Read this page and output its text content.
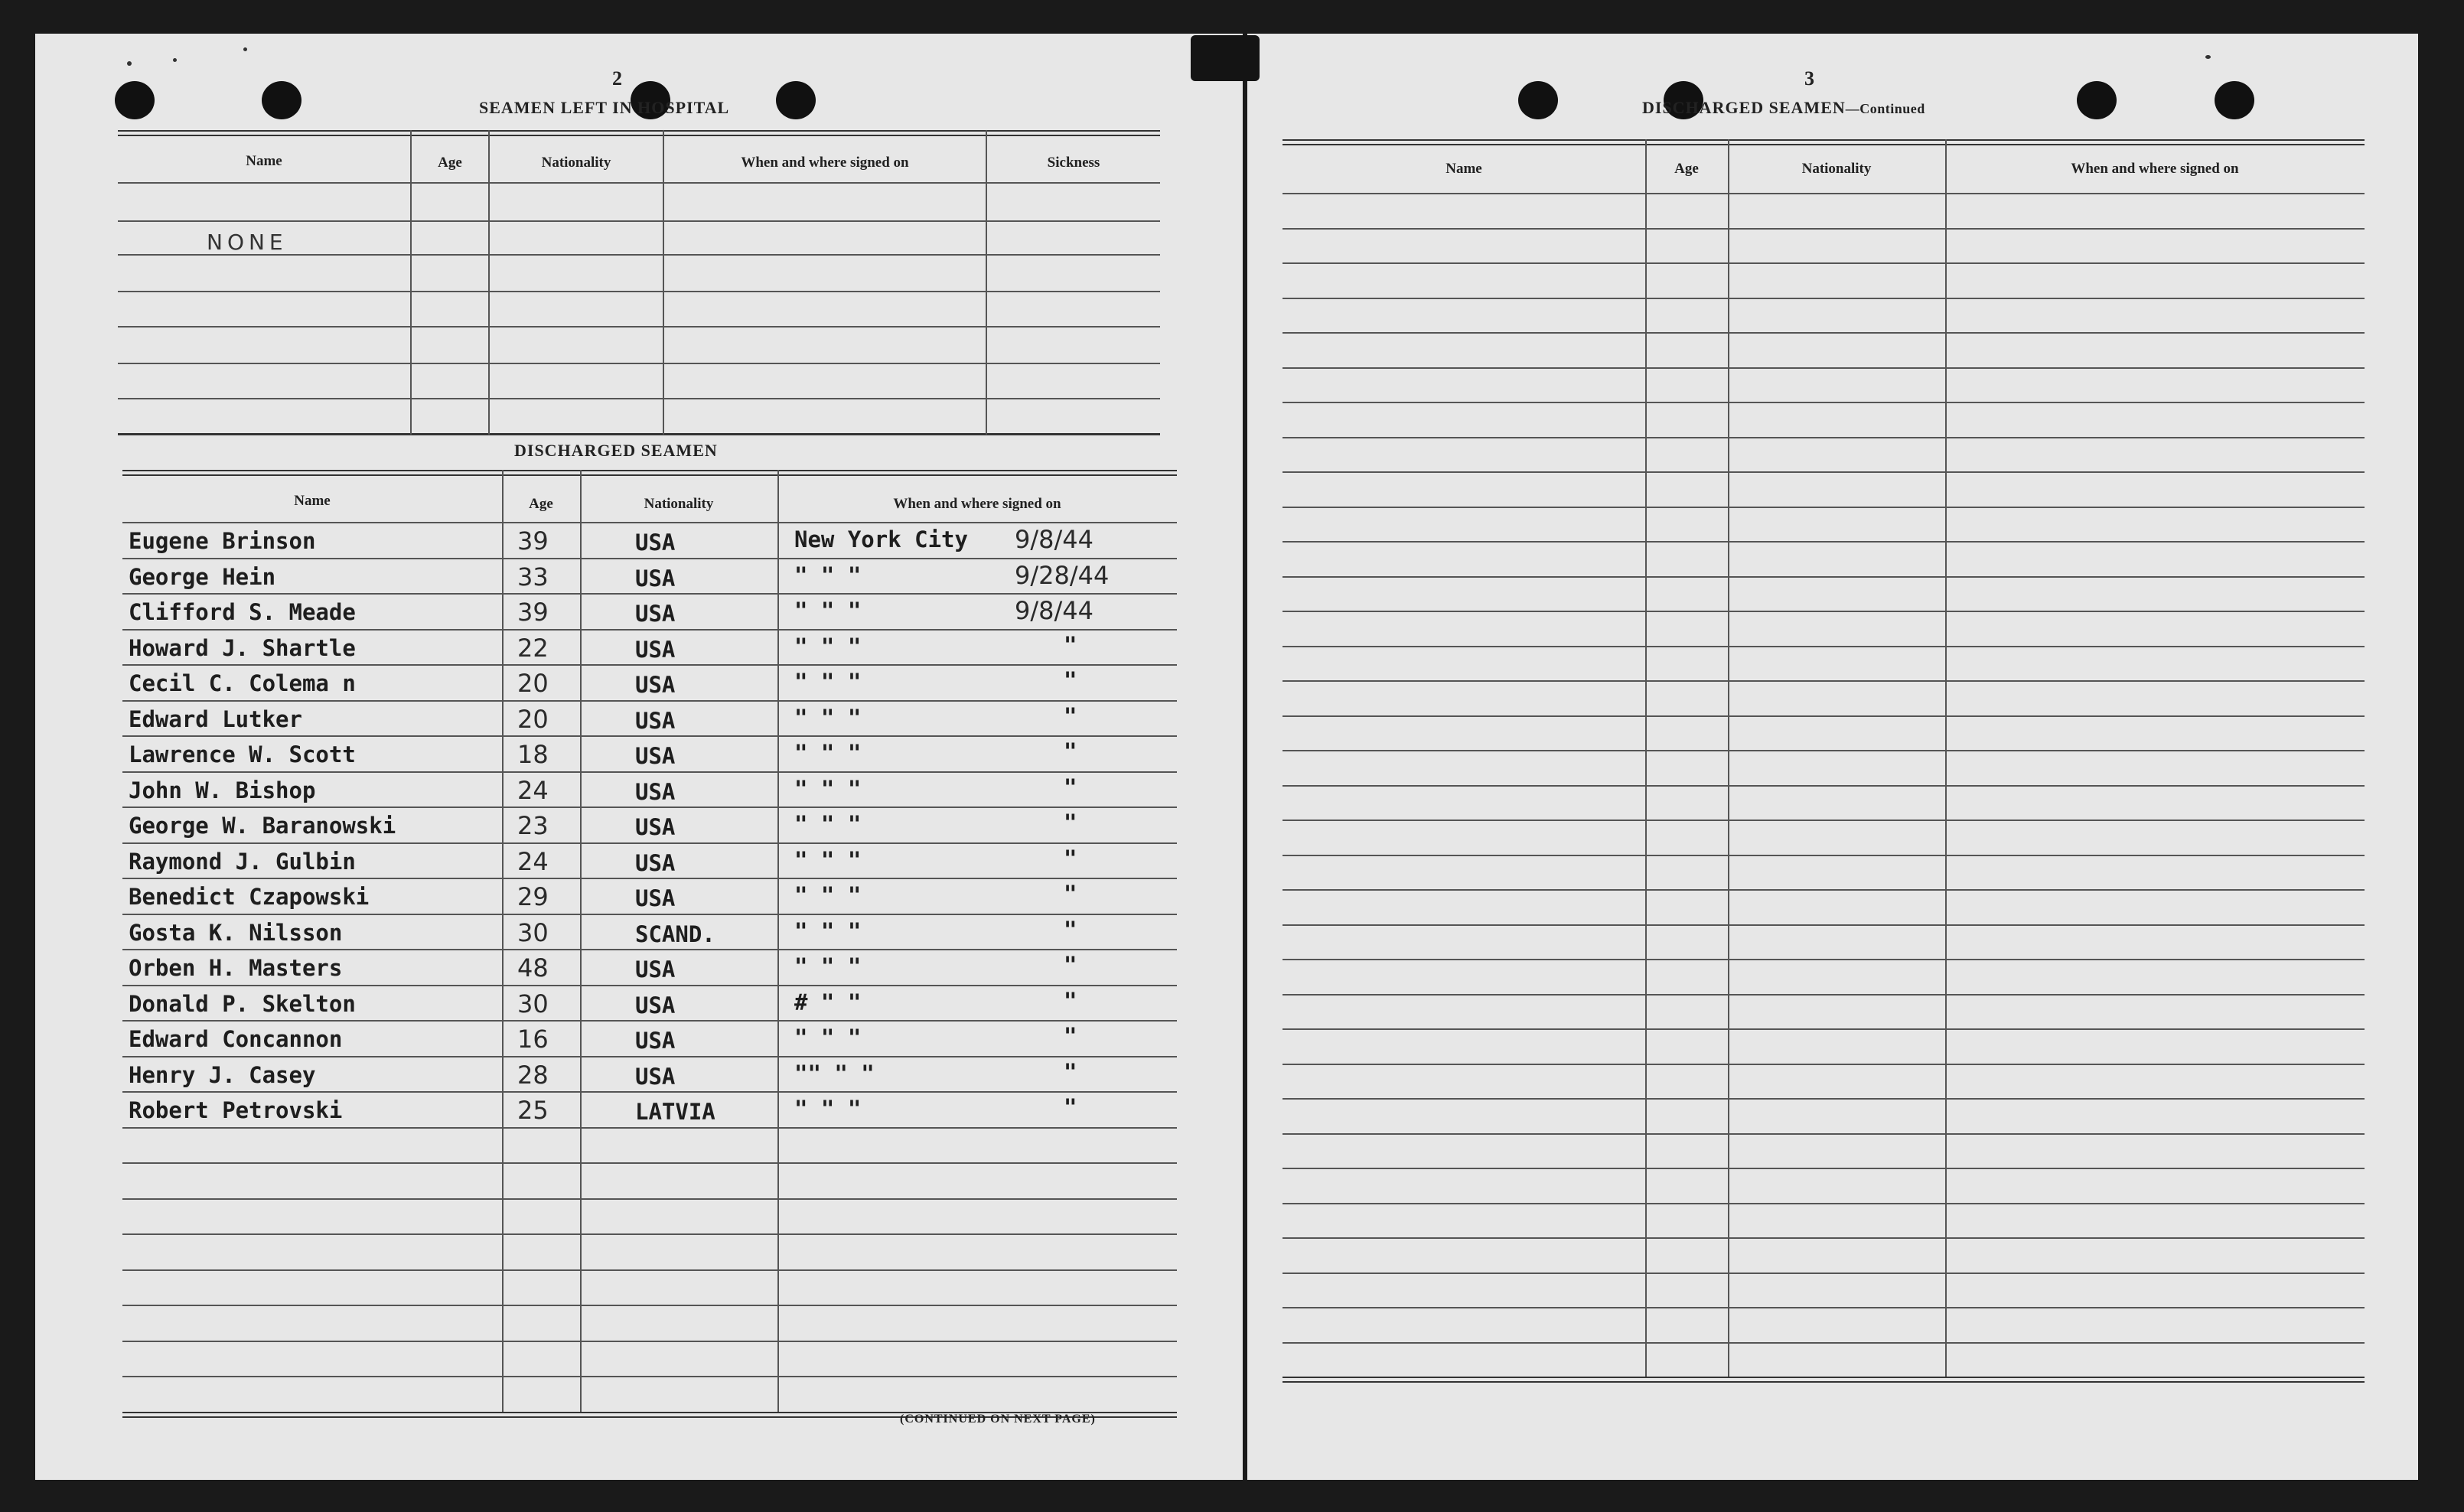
2
SEAMEN LEFT IN HOSPITAL
Name	Age	Nationality	When and where signed on	Sickness
NONE
DISCHARGED SEAMEN
Name	Age	Nationality	When and where signed on
Eugene Brinson	39	USA	New York City 9/8/44
George Hein	33	USA	" " "	9/28/44
Clifford S. Meade	39	USA	" " "	9/8/44
Howard J. Shartle	22	USA	" " "	"
Cecil C. Colema n	20	USA	" " "	"
Edward Lutker	20	USA	" " "	"
Lawrence W. Scott	18	USA	" " "	"
John W. Bishop	24	USA	" " "	"
George W. Baranowski	23	USA	" " "	"
Raymond J. Gulbin	24	USA	" " "	"
Benedict Czapowski	29	USA	" " "	"
Gosta K. Nilsson	30	SCAND.	" " "	"
Orben H. Masters	48	USA	" " "	"
Donald P. Skelton	30	USA	# " "	"
Edward Concannon	16	USA	" " "	"
Henry J. Casey	28	USA	"" " "	"
Robert Petrovski	25	LATVIA	" " "	"
(CONTINUED ON NEXT PAGE)
3
DISCHARGED SEAMEN—Continued
Name	Age	Nationality	When and where signed on
